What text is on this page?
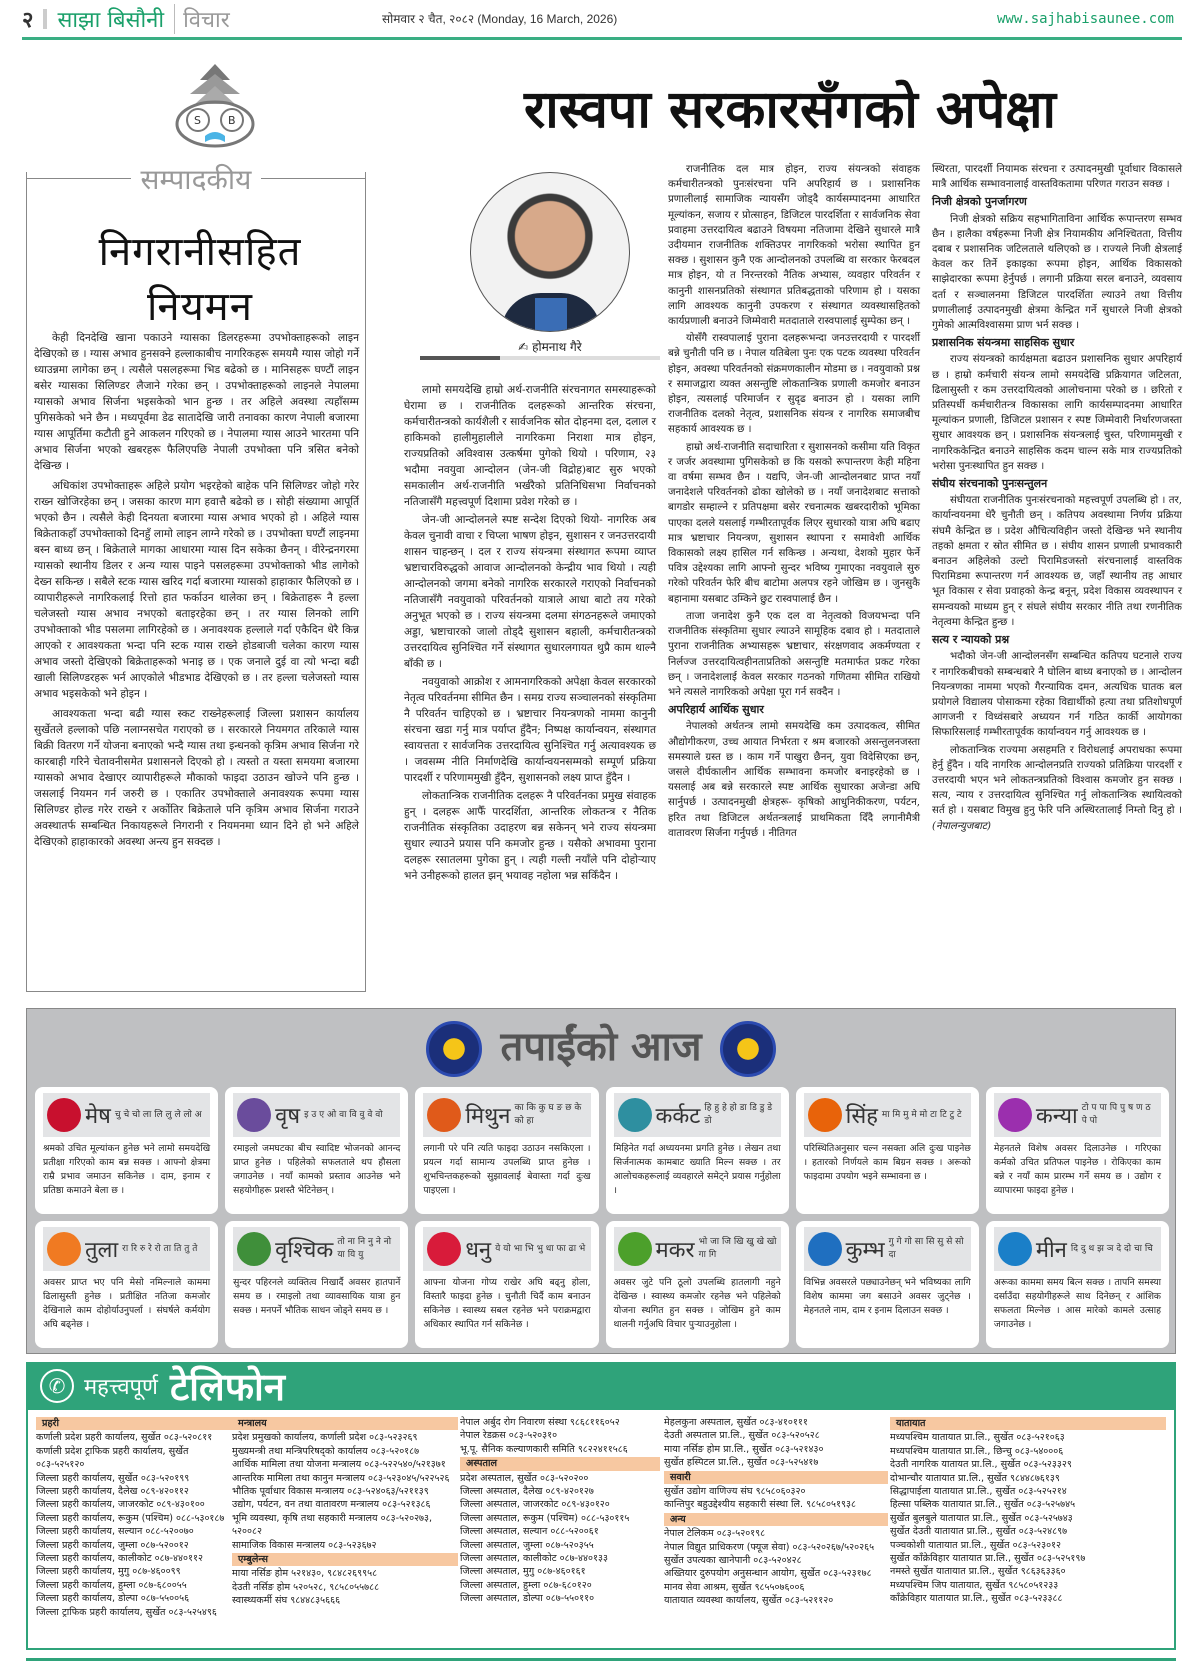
२ साझा बिसौनी विचार	सोमवार २ चैत, २०८२ (Monday, 16 March, 2026)	www.sajhabisaunee.com
S B
सम्पादकीय
निगरानीसहित नियमन

केही दिनदेखि खाना पकाउने ग्यासका डिलरहरूमा उपभोक्ताहरूको लाइन देखिएको छ । ग्यास अभाव हुनसक्ने हल्लाकाबीच नागरिकहरू समयमै ग्यास जोहो गर्ने ध्याउन्नमा लागेका छन् । त्यसैले पसलहरूमा भिड बढेको छ । मानिसहरू घण्टौं लाइन बसेर ग्यासका सिलिण्डर लैजाने गरेका छन् । उपभोक्ताहरूको लाइनले नेपालमा ग्यासको अभाव सिर्जना भइसकेको भान हुन्छ । तर अहिले अवस्था त्यहाँसम्म पुगिसकेको भने छैन । मध्यपूर्वमा डेढ सातादेखि जारी तनावका कारण नेपाली बजारमा ग्यास आपूर्तिमा कटौती हुने आकलन गरिएको छ । नेपालमा ग्यास आउने भारतमा पनि अभाव सिर्जना भएको खबरहरू फैलिएपछि नेपाली उपभोक्ता पनि त्रसित बनेको देखिन्छ ।

अधिकांश उपभोक्ताहरू अहिले प्रयोग भइरहेको बाहेक पनि सिलिण्डर जोहो गरेर राख्न खोजिरहेका छन् । जसका कारण माग हवात्तै बढेको छ । सोही संख्यामा आपूर्ति भएको छैन । त्यसैले केही दिनयता बजारमा ग्यास अभाव भएको हो । अहिले ग्यास बिक्रेताकहाँ उपभोक्ताको दिनहुँ लामो लाइन लाग्ने गरेको छ । उपभोक्ता घण्टौं लाइनमा बस्न बाध्य छन् । बिक्रेताले मागका आधारमा ग्यास दिन सकेका छैनन् । वीरेन्द्रनगरमा ग्यासको स्थानीय डिलर र अन्य ग्यास पाइने पसलहरूमा उपभोक्ताको भीड लागेको देख्न सकिन्छ । सबैले स्टक ग्यास खरिद गर्दा बजारमा ग्यासको हाहाकार फैलिएको छ । व्यापारीहरूले नागरिकलाई रित्तो हात फर्काउन थालेका छन् । बिक्रेताहरू नै हल्ला चलेजस्तो ग्यास अभाव नभएको बताइरहेका छन् । तर ग्यास लिनको लागि उपभोक्ताको भीड पसलमा लागिरहेको छ । अनावश्यक हल्लाले गर्दा एकैदिन धेरै किन्न आएको र आवश्यकता भन्दा पनि स्टक ग्यास राख्ने होडबाजी चलेका कारण ग्यास अभाव जस्तो देखिएको बिक्रेताहरूको भनाइ छ । एक जनाले दुई वा त्यो भन्दा बढी खाली सिलिण्डरहरू भर्न आएकोले भीडभाड देखिएको छ । तर हल्ला चलेजस्तो ग्यास अभाव भइसकेको भने होइन ।

आवश्यकता भन्दा बढी ग्यास स्कट राख्नेहरूलाई जिल्ला प्रशासन कार्यालय सुर्खेतले हल्लाको पछि नलाग्नसचेत गराएको छ । सरकारले नियमगत तरिकाले ग्यास बिक्री वितरण गर्ने योजना बनाएको भन्दै ग्यास तथा इन्धनको कृत्रिम अभाव सिर्जना गरे कारबाही गरिने चेतावनीसमेत प्रशासनले दिएको हो । त्यस्तो त यस्ता समयमा बजारमा ग्यासको अभाव देखाएर व्यापारीहरूले मौकाको फाइदा उठाउन खोज्ने पनि हुन्छ । जसलाई नियमन गर्न जरुरी छ । एकातिर उपभोक्ताले अनावश्यक रूपमा ग्यास सिलिण्डर होल्ड गरेर राख्ने र अर्कोतिर बिक्रेताले पनि कृत्रिम अभाव सिर्जना गराउने अवस्थातर्फ सम्बन्धित निकायहरूले निगरानी र नियमनमा ध्यान दिने हो भने अहिले देखिएको हाहाकारको अवस्था अन्त्य हुन सक्दछ ।

रास्वपा सरकारसँगको अपेक्षा
✍ होमनाथ गैरे

लामो समयदेखि हाम्रो अर्थ-राजनीति संरचनागत समस्याहरूको घेरामा छ । राजनीतिक दलहरूको आन्तरिक संरचना, कर्मचारीतन्त्रको कार्यशैली र सार्वजनिक स्रोत दोहनमा दल, दलाल र हाकिमको हालीमुहालीले नागरिकमा निराशा मात्र होइन, राज्यप्रतिको अविश्वास उत्कर्षमा पुगेको थियो । परिणाम, २३ भदौमा नवयुवा आन्दोलन (जेन-जी विद्रोह)बाट सुरु भएको समकालीन अर्थ-राजनीति भर्खरैको प्रतिनिधिसभा निर्वाचनको नतिजासँगै महत्त्वपूर्ण दिशामा प्रवेश गरेको छ ।

जेन-जी आन्दोलनले स्पष्ट सन्देश दिएको थियो- नागरिक अब केवल चुनावी वाचा र चिप्ला भाषण होइन, सुशासन र जनउत्तरदायी शासन चाहन्छन् । दल र राज्य संयन्त्रमा संस्थागत रूपमा व्याप्त भ्रष्टाचारविरुद्धको आवाज आन्दोलनको केन्द्रीय भाव थियो । त्यही आन्दोलनको जगमा बनेको नागरिक सरकारले गराएको निर्वाचनको नतिजासँगै नवयुवाको परिवर्तनको यात्राले आधा बाटो तय गरेको अनुभूत भएको छ । राज्य संयन्त्रमा दलमा संगठनहरूले जमाएको अड्डा, भ्रष्टाचारको जालो तोड्दै सुशासन बहाली, कर्मचारीतन्त्रको उत्तरदायित्व सुनिश्चित गर्ने संस्थागत सुधारलगायत थुप्रै काम थाल्नै बाँकी छ ।

नवयुवाको आक्रोश र आमनागरिकको अपेक्षा केवल सरकारको नेतृत्व परिवर्तनमा सीमित छैन । समग्र राज्य सञ्चालनको संस्कृतिमा नै परिवर्तन चाहिएको छ । भ्रष्टाचार नियन्त्रणको नाममा कानुनी संरचना खडा गर्नु मात्र पर्याप्त हुँदैन; निष्पक्ष कार्यान्वयन, संस्थागत स्वायत्तता र सार्वजनिक उत्तरदायित्व सुनिश्चित गर्नु अत्यावश्यक छ । जवसम्म नीति निर्माणदेखि कार्यान्वयनसम्मको सम्पूर्ण प्रक्रिया पारदर्शी र परिणाममुखी हुँदैन, सुशासनको लक्ष्य प्राप्त हुँदैन ।

लोकतान्त्रिक राजनीतिक दलहरू नै परिवर्तनका प्रमुख संवाहक हुन् । दलहरू आफैँ पारदर्शिता, आन्तरिक लोकतन्त्र र नैतिक राजनीतिक संस्कृतिका उदाहरण बन्न सकेनन् भने राज्य संयन्त्रमा सुधार ल्याउने प्रयास पनि कमजोर हुन्छ । यसैको अभावमा पुराना दलहरू रसातलमा पुगेका हुन् । त्यही गल्ती नयाँले पनि दोहोऱ्याए भने उनीहरूको हालत झन् भयावह नहोला भन्न सकिँदैन ।

राजनीतिक दल मात्र होइन, राज्य संयन्त्रको संवाहक कर्मचारीतन्त्रको पुनःसंरचना पनि अपरिहार्य छ । प्रशासनिक प्रणालीलाई सामाजिक न्यायसँग जोड्दै कार्यसम्पादनमा आधारित मूल्यांकन, सजाय र प्रोत्साहन, डिजिटल पारदर्शिता र सार्वजनिक सेवा प्रवाहमा उत्तरदायित्व बढाउने विषयमा नतिजामा देखिने सुधारले मात्रै उदीयमान राजनीतिक शक्तिउपर नागरिकको भरोसा स्थापित हुन सक्छ । सुशासन कुनै एक आन्दोलनको उपलब्धि वा सरकार फेरबदल मात्र होइन, यो त निरन्तरको नैतिक अभ्यास, व्यवहार परिवर्तन र कानुनी शासनप्रतिको संस्थागत प्रतिबद्धताको परिणाम हो । यसका लागि आवश्यक कानुनी उपकरण र संस्थागत व्यवस्थासहितको कार्यप्रणाली बनाउने जिम्मेवारी मतदाताले रास्वपालाई सुम्पेका छन् ।

योसँगै रास्वपालाई पुराना दलहरूभन्दा जनउत्तरदायी र पारदर्शी बन्ने चुनौती पनि छ । नेपाल यतिबेला पुनः एक पटक व्यवस्था परिवर्तन होइन, अवस्था परिवर्तनको संक्रमणकालीन मोडमा छ । नवयुवाको प्रश्न र समाजद्वारा व्यक्त असन्तुष्टि लोकतान्त्रिक प्रणाली कमजोर बनाउन होइन, त्यसलाई परिमार्जन र सुदृढ बनाउन हो । यसका लागि राजनीतिक दलको नेतृत्व, प्रशासनिक संयन्त्र र नागरिक समाजबीच सहकार्य आवश्यक छ ।

हाम्रो अर्थ-राजनीति सदाचारिता र सुशासनको कसीमा यति विकृत र जर्जर अवस्थामा पुगिसकेको छ कि यसको रूपान्तरण केही महिना वा वर्षमा सम्भव छैन । यद्यपि, जेन-जी आन्दोलनबाट प्राप्त नयाँ जनादेशले परिवर्तनको ढोका खोलेको छ । नयाँ जनादेशबाट सत्ताको बागडोर सम्हाल्ने र प्रतिपक्षमा बसेर रचनात्मक खबरदारीको भूमिका पाएका दलले यसलाई गम्भीरतापूर्वक लिएर सुधारको यात्रा अघि बढाए मात्र भ्रष्टाचार नियन्त्रण, सुशासन स्थापना र समावेशी आर्थिक विकासको लक्ष्य हासिल गर्न सकिन्छ । अन्यथा, देशको मुहार फेर्ने पवित्र उद्देश्यका लागि आफ्नो सुन्दर भविष्य गुमाएका नवयुवाले सुरु गरेको परिवर्तन फेरि बीच बाटोमा अलपत्र रहने जोखिम छ । जुनसुकै बहानामा यसबाट उम्किने छुट रास्वपालाई छैन ।

ताजा जनादेश कुनै एक दल वा नेतृत्वको विजयभन्दा पनि राजनीतिक संस्कृतिमा सुधार ल्याउने सामूहिक दबाव हो । मतदाताले पुराना राजनीतिक अभ्यासहरू भ्रष्टाचार, संरक्षणवाद अकर्मण्यता र निर्लज्ज उत्तरदायित्वहीनताप्रतिको असन्तुष्टि मतमार्फत प्रकट गरेका छन् । जनादेशलाई केवल सरकार गठनको गणितमा सीमित राखियो भने त्यसले नागरिकको अपेक्षा पूरा गर्न सक्दैन ।

अपरिहार्य आर्थिक सुधार

नेपालको अर्थतन्त्र लामो समयदेखि कम उत्पादकत्व, सीमित औद्योगीकरण, उच्च आयात निर्भरता र श्रम बजारको असन्तुलनजस्ता समस्याले ग्रस्त छ । काम गर्ने पाखुरा छैनन्, युवा विदेसिएका छन्, जसले दीर्घकालीन आर्थिक सम्भावना कमजोर बनाइरहेको छ । यसलाई अब बन्ने सरकारले स्पष्ट आर्थिक सुधारका अजेन्डा अघि सार्नुपर्छ । उत्पादनमुखी क्षेत्रहरू- कृषिको आधुनिकीकरण, पर्यटन, हरित तथा डिजिटल अर्थतन्त्रलाई प्राथमिकता दिँदै लगानीमैत्री वातावरण सिर्जना गर्नुपर्छ । नीतिगत

स्थिरता, पारदर्शी नियामक संरचना र उत्पादनमुखी पूर्वाधार विकासले मात्रै आर्थिक सम्भावनालाई वास्तविकतामा परिणत गराउन सक्छ ।

निजी क्षेत्रको पुनर्जागरण

निजी क्षेत्रको सक्रिय सहभागिताविना आर्थिक रूपान्तरण सम्भव छैन । हालैका वर्षहरूमा निजी क्षेत्र नियामकीय अनिश्चितता, वित्तीय दबाब र प्रशासनिक जटिलताले थलिएको छ । राज्यले निजी क्षेत्रलाई केवल कर तिर्ने इकाइका रूपमा होइन, आर्थिक विकासको साझेदारका रूपमा हेर्नुपर्छ । लगानी प्रक्रिया सरल बनाउने, व्यवसाय दर्ता र सञ्चालनमा डिजिटल पारदर्शिता ल्याउने तथा वित्तीय प्रणालीलाई उत्पादनमुखी क्षेत्रमा केन्द्रित गर्ने सुधारले निजी क्षेत्रको गुमेको आत्मविश्वासमा प्राण भर्न सक्छ ।

प्रशासनिक संयन्त्रमा साहसिक सुधार

राज्य संयन्त्रको कार्यक्षमता बढाउन प्रशासनिक सुधार अपरिहार्य छ । हाम्रो कर्मचारी संयन्त्र लामो समयदेखि प्रक्रियागत जटिलता, ढिलासुस्ती र कम उत्तरदायित्वको आलोचनामा परेको छ । छरितो र प्रतिस्पर्धी कर्मचारीतन्त्र विकासका लागि कार्यसम्पादनमा आधारित मूल्यांकन प्रणाली, डिजिटल प्रशासन र स्पष्ट जिम्मेवारी निर्धारणजस्ता सुधार आवश्यक छन् । प्रशासनिक संयन्त्रलाई चुस्त, परिणाममुखी र नागरिककेन्द्रित बनाउने साहसिक कदम चाल्न सके मात्र राज्यप्रतिको भरोसा पुनःस्थापित हुन सक्छ ।

संघीय संरचनाको पुनःसन्तुलन

संघीयता राजनीतिक पुनःसंरचनाको महत्त्वपूर्ण उपलब्धि हो । तर, कार्यान्वयनमा धेरै चुनौती छन् । कतिपय अवस्थामा निर्णय प्रक्रिया संघमै केन्द्रित छ । प्रदेश औचित्यविहीन जस्तो देखिन्छ भने स्थानीय तहको क्षमता र स्रोत सीमित छ । संघीय शासन प्रणाली प्रभावकारी बनाउन अहिलेको उल्टो पिरामिडजस्तो संरचनालाई वास्तविक पिरामिडमा रूपान्तरण गर्न आवश्यक छ, जहाँ स्थानीय तह आधार भूत विकास र सेवा प्रवाहको केन्द्र बनून्, प्रदेश विकास व्यवस्थापन र समन्वयको माध्यम हुन् र संघले संघीय सरकार नीति तथा रणनीतिक नेतृत्वमा केन्द्रित हुन्छ ।

सत्य र न्यायको प्रश्न

भदौको जेन-जी आन्दोलनसँग सम्बन्धित कतिपय घटनाले राज्य र नागरिकबीचको सम्बन्धबारे नै घोलिन बाध्य बनाएको छ । आन्दोलन नियन्त्रणका नाममा भएको गैरन्यायिक दमन, अत्यधिक घातक बल प्रयोगले विद्यालय पोसाकमा रहेका विद्यार्थीको हत्या तथा प्रतिशोधपूर्ण आगजनी र विध्वंसबारे अध्ययन गर्न गठित कार्की आयोगका सिफारिसलाई गम्भीरतापूर्वक कार्यान्वयन गर्नु आवश्यक छ ।

लोकतान्त्रिक राज्यमा असहमति र विरोधलाई अपराधका रूपमा हेर्नु हुँदैन । यदि नागरिक आन्दोलनप्रति राज्यको प्रतिक्रिया पारदर्शी र उत्तरदायी भएन भने लोकतन्त्रप्रतिको विश्वास कमजोर हुन सक्छ । सत्य, न्याय र उत्तरदायित्व सुनिश्चित गर्नु लोकतान्त्रिक स्थायित्वको सर्त हो । यसबाट विमुख हुनु फेरि पनि अस्थिरतालाई निम्तो दिनु हो । (नेपालन्युजबाट)

तपाईंको आज
मेष चु चे चो ला लि लु ले लो अ
श्रमको उचित मूल्यांकन हुनेछ भने लामो समयदेखि प्रतीक्षा गरिएको काम बन्न सक्छ । आफ्नो क्षेत्रमा राम्रै प्रभाव जमाउन सकिनेछ । दाम, इनाम र प्रतिष्ठा कमाउने बेला छ ।
वृष इ उ ए ओ वा वि वु वे वो
रमाइलो जमघटका बीच स्वादिष्ट भोजनको आनन्द प्राप्त हुनेछ । पहिलेको सफलताले थप हौसला जगाउनेछ । नयाँ कामको प्रस्ताव आउनेछ भने सहयोगीहरू प्रशस्तै भेटिनेछन् ।
मिथुन का कि कु घ ङ छ के को हा
लगानी परे पनि त्यति फाइदा उठाउन नसकिएला । प्रयत्न गर्दा सामान्य उपलब्धि प्राप्त हुनेछ । शुभचिन्तकहरूको सुझावलाई बेवास्ता गर्दा दुःख पाइएला ।
कर्कट हि हु हे हो डा डि डु डे डो
मिहिनेत गर्दा अध्ययनमा प्रगति हुनेछ । लेखन तथा सिर्जनात्मक कामबाट ख्याति मिल्न सक्छ । तर आलोचकहरूलाई व्यवहारले समेट्ने प्रयास गर्नुहोला ।
सिंह मा मि मु मे मो टा टि टु टे
परिस्थितिअनुसार चल्न नसक्ता अलि दुःख पाइनेछ । हतारको निर्णयले काम बिग्रन सक्छ । अरूको फाइदामा उपयोग भइने सम्भावना छ ।
कन्या टो प पा पि पु ष ण ठ पे पो
मेहनतले विशेष अवसर दिलाउनेछ । गरिएका कर्मको उचित प्रतिफल पाइनेछ । रोकिएका काम बन्ने र नयाँ काम प्रारम्भ गर्ने समय छ । उद्योग र व्यापारमा फाइदा हुनेछ ।
तुला रा रि रु रे रो ता ति तु ते
अवसर प्राप्त भए पनि मेसो नमिल्नाले काममा ढिलासुस्ती हुनेछ । प्रतीक्षित नतिजा कमजोर देखिनाले काम दोहोर्याउनुपर्ला । संघर्षले कर्मयोग अघि बढ्नेछ ।
वृश्चिक तो ना नि नु ने नो या यि यु
सुन्दर पहिरनले व्यक्तित्व निखार्दै अवसर हातपार्ने समय छ । रमाइलो तथा व्यावसायिक यात्रा हुन सक्छ । मनपर्ने भौतिक साधन जोड्ने समय छ ।
धनु ये यो भा भि भु धा फा ढा भे
आफ्ना योजना गोप्य राखेर अघि बढ्नु होला, विस्तारै फाइदा हुनेछ । चुनौती चिर्दै काम बनाउन सकिनेछ । स्वास्थ्य सबल रहनेछ भने पराक्रमद्वारा अधिकार स्थापित गर्न सकिनेछ ।
मकर भो जा जि खि खु खे खो गा गि
अवसर जुटे पनि ठूलो उपलब्धि हातलागी नहुने देखिन्छ । स्वास्थ्य कमजोर रहनेछ भने पहिलेको योजना स्थगित हुन सक्छ । जोखिम हुने काम थालनी गर्नुअघि विचार पुऱ्याउनुहोला ।
कुम्भ गु गे गो सा सि सु से सो दा
विभिन्न अवसरले पछ्याउनेछन् भने भविष्यका लागि विशेष काममा जग बसाउने अवसर जुट्नेछ । मेहनतले नाम, दाम र इनाम दिलाउन सक्छ ।
मीन दि दु थ झ ञ दे दो चा चि
अरूका काममा समय बित्न सक्छ । तापनि समस्या दर्साउँदा सहयोगीहरूले साथ दिनेछन् र आंशिक सफलता मिल्नेछ । आस मारेको कामले उत्साह जगाउनेछ ।
✆ महत्त्वपूर्ण टेलिफोन
प्रहरी
कर्णाली प्रदेश प्रहरी कार्यालय, सुर्खेत ०८३-५२०८११
कर्णाली प्रदेश ट्राफिक प्रहरी कार्यालय, सुर्खेत ०८३-५२५१२०
जिल्ला प्रहरी कार्यालय, सुर्खेत ०८३-५२०१९९
जिल्ला प्रहरी कार्यालय, दैलेख ०८९-४२०११२
जिल्ला प्रहरी कार्यालय, जाजरकोट ०८९-४३०१००
जिल्ला प्रहरी कार्यालय, रूकुम (पश्चिम) ०८८-५३०१८७
जिल्ला प्रहरी कार्यालय, सल्यान ०८८-५२००७०
जिल्ला प्रहरी कार्यालय, जुम्ला ०८७-५२००१२
जिल्ला प्रहरी कार्यालय, कालीकोट ०८७-४४०११२
जिल्ला प्रहरी कार्यालय, मुगु ०८७-४६००९९
जिल्ला प्रहरी कार्यालय, हुम्ला ०८७-६८००५५
जिल्ला प्रहरी कार्यालय, डोल्पा ०८७-५५००५६
जिल्ला ट्राफिक प्रहरी कार्यालय, सुर्खेत ०८३-५२५४९६
मन्त्रालय
प्रदेश प्रमुखको कार्यालय, कर्णाली प्रदेश ०८३-५२३२६९
मुख्यमन्त्री तथा मन्त्रिपरिषद्को कार्यालय ०८३-५२०१८७
आर्थिक मामिला तथा योजना मन्त्रालय ०८३-५२२५४०/५२१३७१
आन्तरिक मामिला तथा कानुन मन्त्रालय ०८३-५२३०४५/५२२५२६
भौतिक पूर्वाधार विकास मन्त्रालय ०८३-५२४०६३/५२११३९
उद्योग, पर्यटन, वन तथा वातावरण मन्त्रालय ०८३-५२१३८६
भूमि व्यवस्था, कृषि तथा सहकारी मन्त्रालय ०८३-५२०२७३, ५२००८२
सामाजिक विकास मन्त्रालय ०८३-५२३६७२
एम्बुलेन्स
माया नर्सिङ होम ५२१४३०, ९८४८२६९९५८
देउती नर्सिङ होम ५२०५२८, ९८५८०५५७८८
स्वास्थ्यकर्मी संघ ९८४४८३५६६६
नेपाल अर्बुद रोग निवारण संस्था ९८६८११६०५२
नेपाल रेडक्रस ०८३-५२०३१०
भू.पू. सैनिक कल्याणकारी समिति ९८२२४११५८६
अस्पताल
प्रदेश अस्पताल, सुर्खेत ०८३-५२०२००
जिल्ला अस्पताल, दैलेख ०८९-४२०१२७
जिल्ला अस्पताल, जाजरकोट ०८९-४३०१२०
जिल्ला अस्पताल, रूकुम (पश्चिम) ०८८-५३०११५
जिल्ला अस्पताल, सल्यान ०८८-५२००६१
जिल्ला अस्पताल, जुम्ला ०८७-५२०३५५
जिल्ला अस्पताल, कालीकोट ०८७-४४०१३३
जिल्ला अस्पताल, मुगु ०८७-४६०१६१
जिल्ला अस्पताल, हुम्ला ०८७-६८०१२०
जिल्ला अस्पताल, डोल्पा ०८७-५५०११०
मेहलकुना अस्पताल, सुर्खेत ०८३-४१०१११
देउती अस्पताल प्रा.लि., सुर्खेत ०८३-५२०५२८
माया नर्सिङ होम प्रा.लि., सुर्खेत ०८३-५२१४३०
सुर्खेत हस्पिटल प्रा.लि., सुर्खेत ०८३-५२५४१७
सवारी
सुर्खेत उद्योग वाणिज्य संघ ९८५८०६०३२०
कान्तिपुर बहुउद्देश्यीय सहकारी संस्था लि. ९८५८०५१९३८
अन्य
नेपाल टेलिकम ०८३-५२०१९८
नेपाल विद्युत प्राधिकरण (फ्यूज सेवा) ०८३-५२०२६७/५२०२६५
सुर्खेत उपत्यका खानेपानी ०८३-५२०४२८
अख्तियार दुरुपयोग अनुसन्धान आयोग, सुर्खेत ०८३-५२३१७८
मानव सेवा आश्रम, सुर्खेत ९८५५०७६००६
यातायात व्यवस्था कार्यालय, सुर्खेत ०८३-५२११२०
यातायात
मध्यपश्चिम यातायात प्रा.लि., सुर्खेत ०८३-५२१०६३
मध्यपश्चिम यातायात प्रा.लि., छिन्चु ०८३-५४०००६
देउती नागरिक यातायत प्रा.लि., सुर्खेत ०८३-५२३३२९
दोभान्चौर यातायात प्रा.लि., सुर्खेत ९८४४८७६१३९
सिद्धापाईला यातायात प्रा.लि., सुर्खेत ०८३-५२५२१४
हिल्सा पब्लिक यातायात प्रा.लि., सुर्खेत ०८३-५२५७४५
सुर्खेत बुलबुले यातायात प्रा.लि., सुर्खेत ०८३-५२५७४३
सुर्खेत देउती यातायात प्रा.लि., सुर्खेत ०८३-५२४८९७
पञ्चकोशी यातायात प्रा.लि., सुर्खेत ०८३-५२३०१२
सुर्खेत काँक्रेविहार यातायात प्रा.लि., सुर्खेत ०८३-५२५१९७
नमस्ते सुर्खेत यातायात प्रा.लि., सुर्खेत ९८६३६३३६०
मध्यपश्चिम जिप यातायात, सुर्खेत ९८५८०५१२३३
काँक्रेविहार यातायात प्रा.लि., सुर्खेत ०८३-५२३३८८
